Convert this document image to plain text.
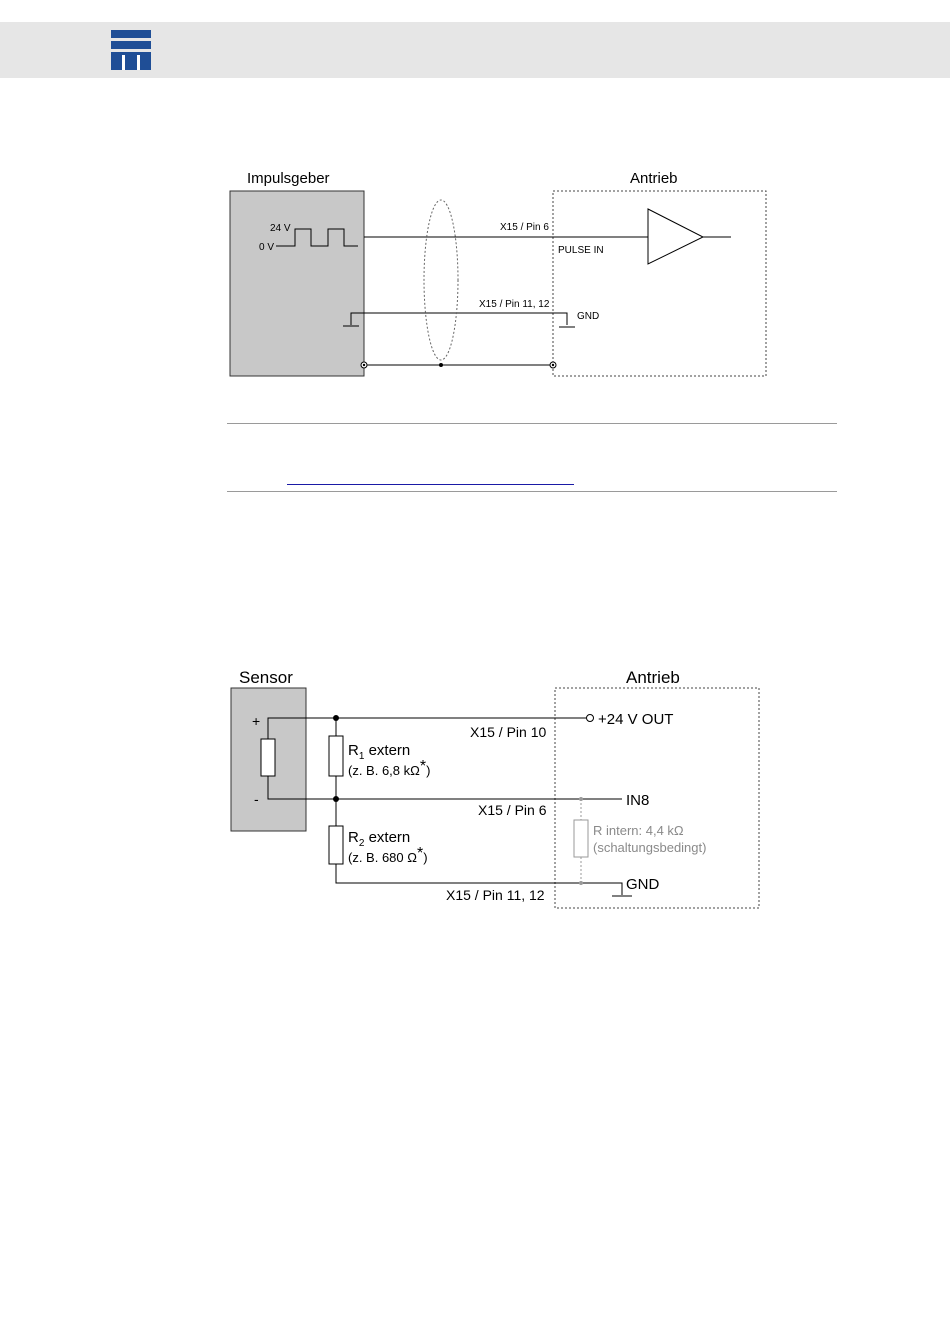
Impulsgeber	Antrieb
24 V
0 V
X15 / Pin 6
PULSE IN
X15 / Pin 11, 12
GND
Sensor	Antrieb
+
-
+24 V OUT
X15 / Pin 10
$R_1$ extern
(z. B. 6,8 kΩ*)
$R_2$ extern
(z. B. 680 Ω*)
IN8
X15 / Pin 6
R intern: 4,4 kΩ
(schaltungsbedingt)
GND
X15 / Pin 11, 12
